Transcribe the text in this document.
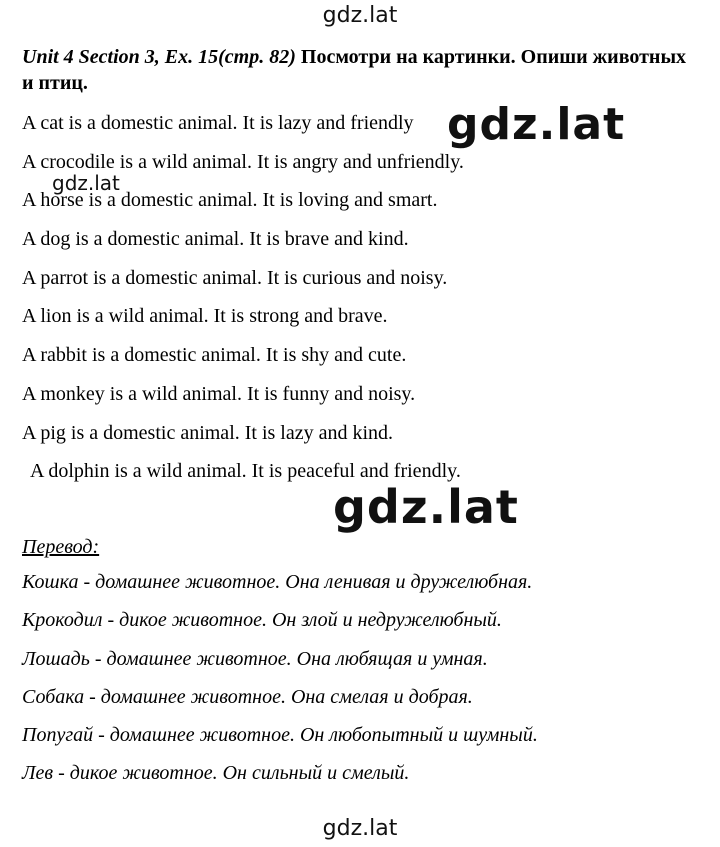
gdz.lat
Unit 4 Section 3, Ex. 15(стр. 82) Посмотри на картинки. Опиши животных и птиц.
A cat is a domestic animal. It is lazy and friendly
A crocodile is a wild animal. It is angry and unfriendly.
A horse is a domestic animal. It is loving and smart.
A dog is a domestic animal. It is brave and kind.
A parrot is a domestic animal. It is curious and noisy.
A lion is a wild animal. It is strong and brave.
A rabbit is a domestic animal. It is shy and cute.
A monkey is a wild animal. It is funny and noisy.
A pig is a domestic animal. It is lazy and kind.
A dolphin is a wild animal. It is peaceful and friendly.
gdz.lat
gdz.lat
gdz.lat
Перевод:
Кошка - домашнее животное. Она ленивая и дружелюбная.
Крокодил - дикое животное. Он злой и недружелюбный.
Лошадь - домашнее животное. Она любящая и умная.
Собака - домашнее животное. Она смелая и добрая.
Попугай - домашнее животное. Он любопытный и шумный.
Лев - дикое животное. Он сильный и смелый.
gdz.lat
